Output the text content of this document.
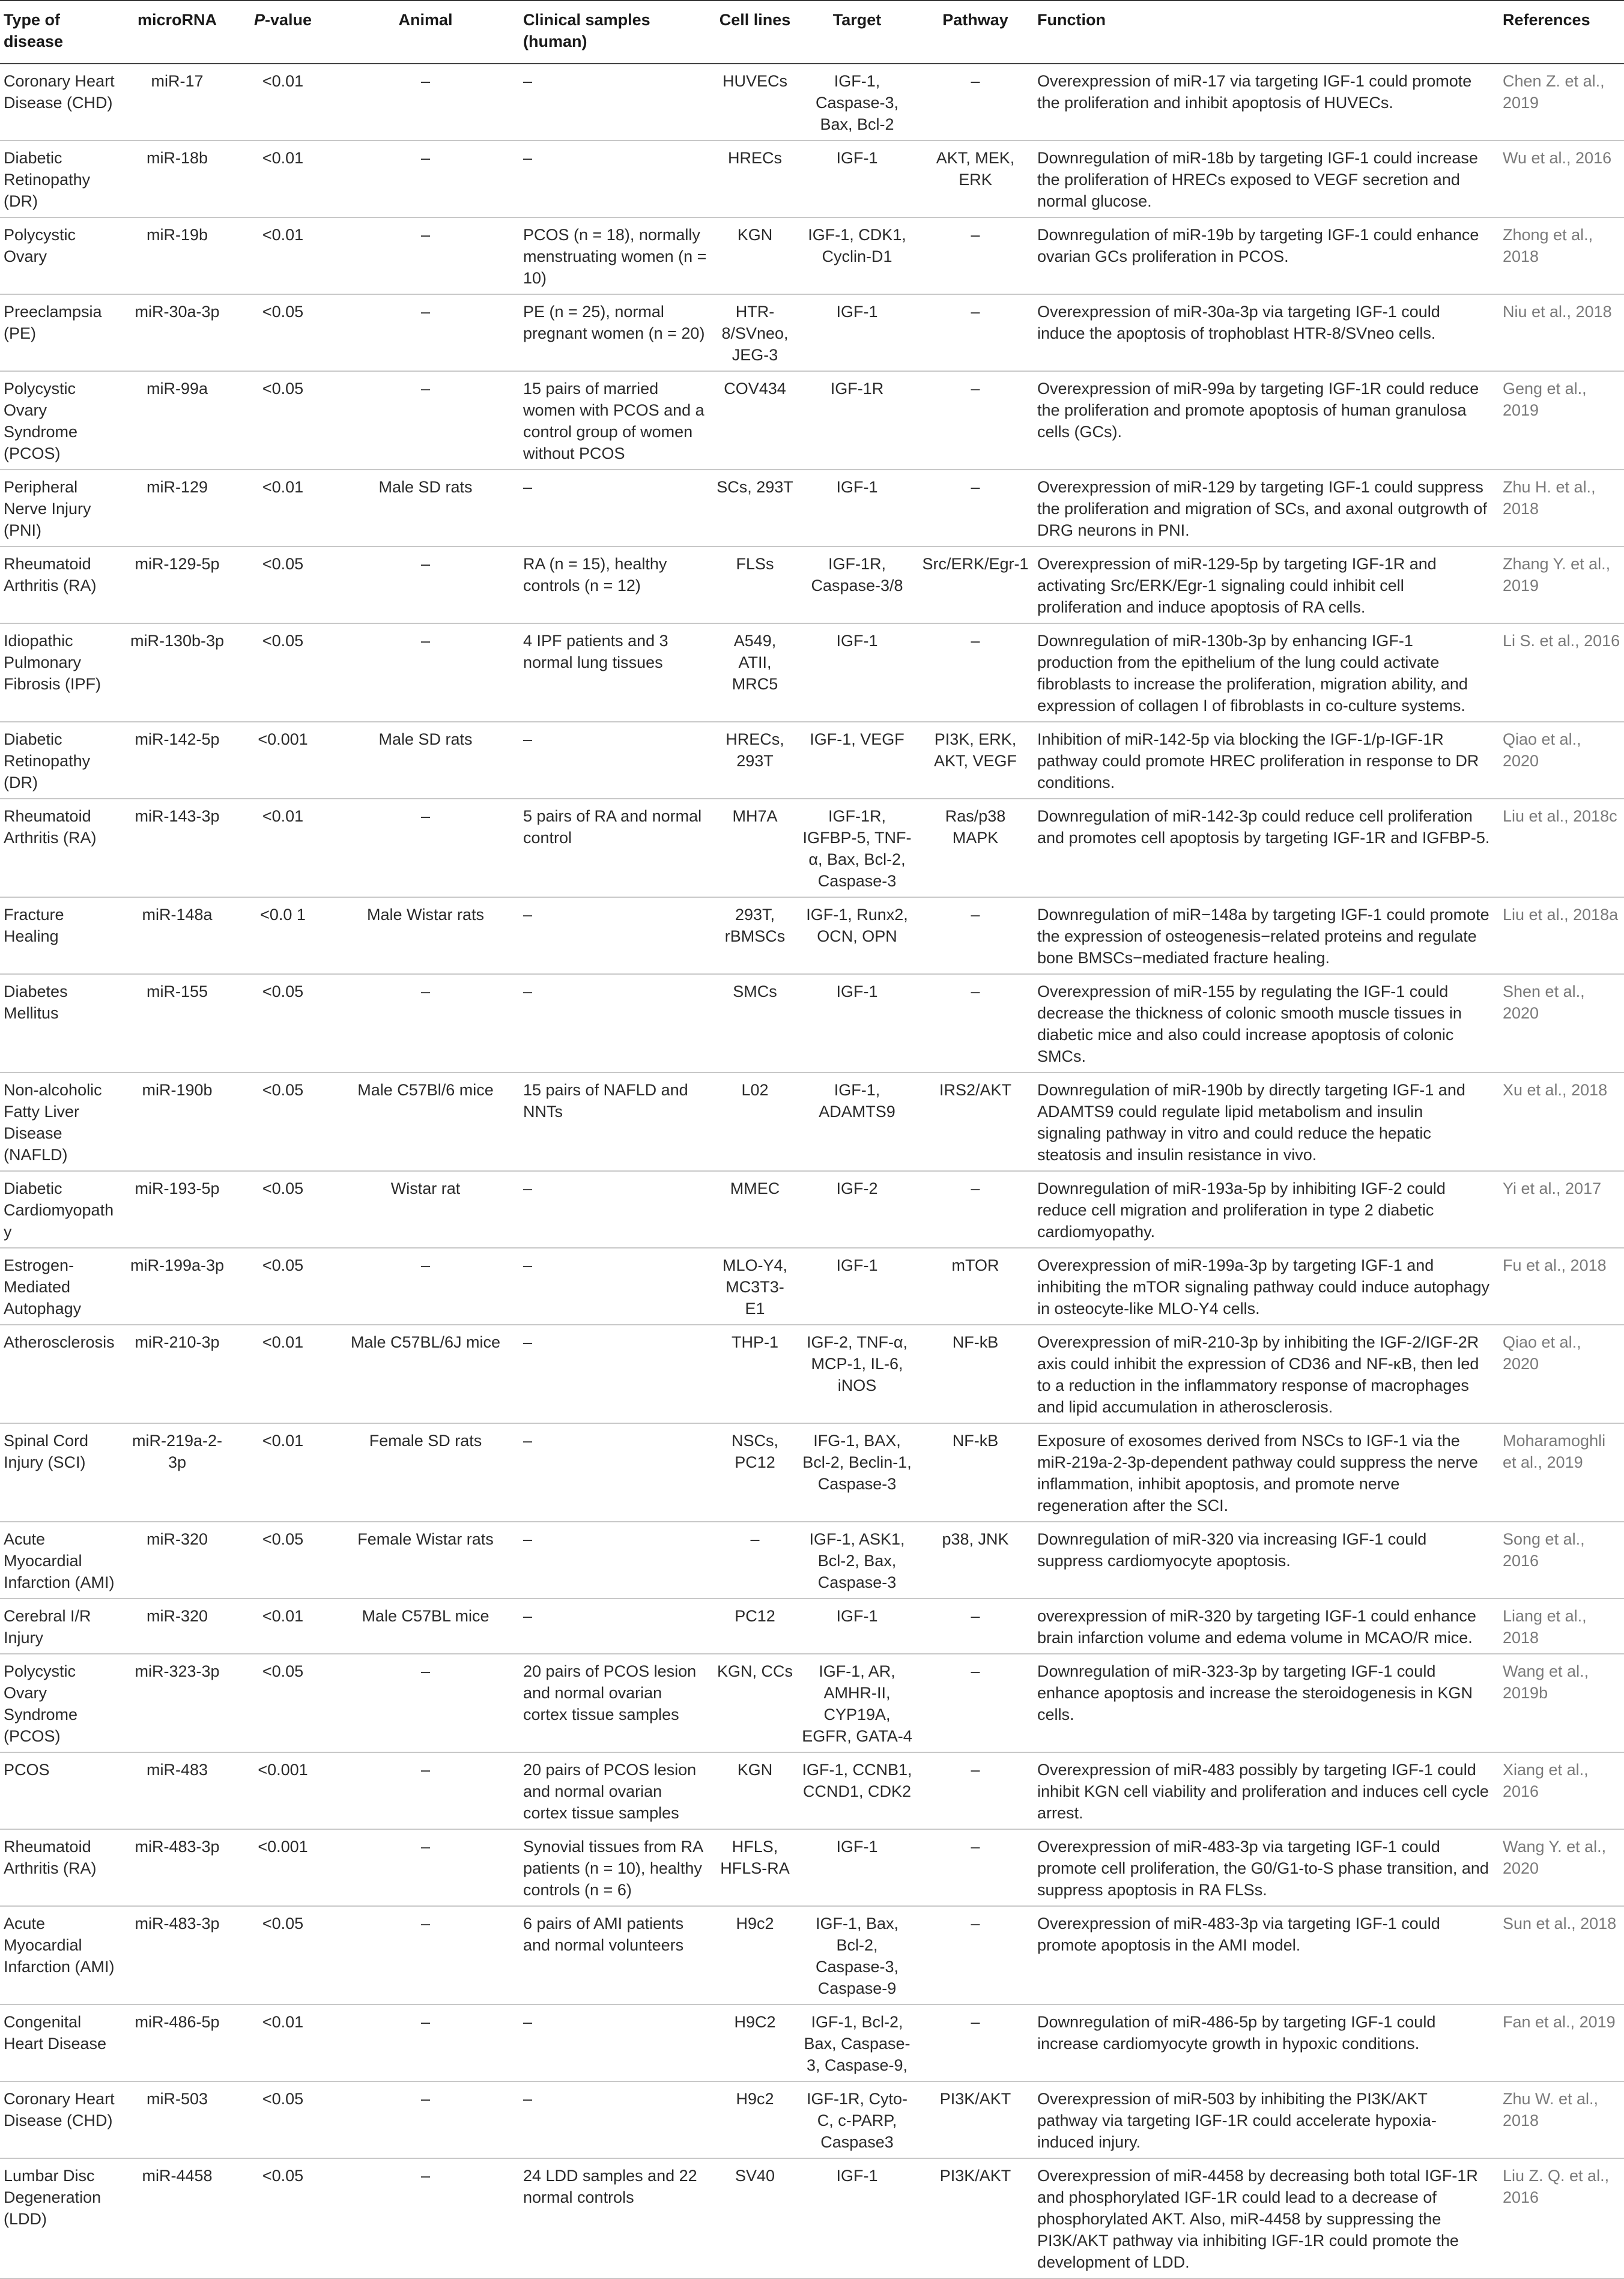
Type of disease	microRNA	P-value	Animal	Clinical samples (human)	Cell lines	Target	Pathway	Function	References
Coronary Heart Disease (CHD)	miR-17	<0.01	–	–	HUVECs	IGF-1, Caspase-3, Bax, Bcl-2	–	Overexpression of miR-17 via targeting IGF-1 could promote the proliferation and inhibit apoptosis of HUVECs.	Chen Z. et al., 2019
Diabetic Retinopathy (DR)	miR-18b	<0.01	–	–	HRECs	IGF-1	AKT, MEK, ERK	Downregulation of miR-18b by targeting IGF-1 could increase the proliferation of HRECs exposed to VEGF secretion and normal glucose.	Wu et al., 2016
Polycystic Ovary	miR-19b	<0.01	–	PCOS (n = 18), normally menstruating women (n = 10)	KGN	IGF-1, CDK1, Cyclin-D1	–	Downregulation of miR-19b by targeting IGF-1 could enhance ovarian GCs proliferation in PCOS.	Zhong et al., 2018
Preeclampsia (PE)	miR-30a-3p	<0.05	–	PE (n = 25), normal pregnant women (n = 20)	HTR-8/SVneo, JEG-3	IGF-1	–	Overexpression of miR-30a-3p via targeting IGF-1 could induce the apoptosis of trophoblast HTR-8/SVneo cells.	Niu et al., 2018
Polycystic Ovary Syndrome (PCOS)	miR-99a	<0.05	–	15 pairs of married women with PCOS and a control group of women without PCOS	COV434	IGF-1R	–	Overexpression of miR-99a by targeting IGF-1R could reduce the proliferation and promote apoptosis of human granulosa cells (GCs).	Geng et al., 2019
Peripheral Nerve Injury (PNI)	miR-129	<0.01	Male SD rats	–	SCs, 293T	IGF-1	–	Overexpression of miR-129 by targeting IGF-1 could suppress the proliferation and migration of SCs, and axonal outgrowth of DRG neurons in PNI.	Zhu H. et al., 2018
Rheumatoid Arthritis (RA)	miR-129-5p	<0.05	–	RA (n = 15), healthy controls (n = 12)	FLSs	IGF-1R, Caspase-3/8	Src/ERK/Egr-1	Overexpression of miR-129-5p by targeting IGF-1R and activating Src/ERK/Egr-1 signaling could inhibit cell proliferation and induce apoptosis of RA cells.	Zhang Y. et al., 2019
Idiopathic Pulmonary Fibrosis (IPF)	miR-130b-3p	<0.05	–	4 IPF patients and 3 normal lung tissues	A549, ATII, MRC5	IGF-1	–	Downregulation of miR-130b-3p by enhancing IGF-1 production from the epithelium of the lung could activate fibroblasts to increase the proliferation, migration ability, and expression of collagen I of fibroblasts in co-culture systems.	Li S. et al., 2016
Diabetic Retinopathy (DR)	miR-142-5p	<0.001	Male SD rats	–	HRECs, 293T	IGF-1, VEGF	PI3K, ERK, AKT, VEGF	Inhibition of miR-142-5p via blocking the IGF-1/p-IGF-1R pathway could promote HREC proliferation in response to DR conditions.	Qiao et al., 2020
Rheumatoid Arthritis (RA)	miR-143-3p	<0.01	–	5 pairs of RA and normal control	MH7A	IGF-1R, IGFBP-5, TNF-α, Bax, Bcl-2, Caspase-3	Ras/p38 MAPK	Downregulation of miR-142-3p could reduce cell proliferation and promotes cell apoptosis by targeting IGF-1R and IGFBP-5.	Liu et al., 2018c
Fracture Healing	miR-148a	<0.0 1	Male Wistar rats	–	293T, rBMSCs	IGF-1, Runx2, OCN, OPN	–	Downregulation of miR−148a by targeting IGF-1 could promote the expression of osteogenesis−related proteins and regulate bone BMSCs−mediated fracture healing.	Liu et al., 2018a
Diabetes Mellitus	miR-155	<0.05	–	–	SMCs	IGF-1	–	Overexpression of miR-155 by regulating the IGF-1 could decrease the thickness of colonic smooth muscle tissues in diabetic mice and also could increase apoptosis of colonic SMCs.	Shen et al., 2020
Non-alcoholic Fatty Liver Disease (NAFLD)	miR-190b	<0.05	Male C57Bl/6 mice	15 pairs of NAFLD and NNTs	L02	IGF-1, ADAMTS9	IRS2/AKT	Downregulation of miR-190b by directly targeting IGF-1 and ADAMTS9 could regulate lipid metabolism and insulin signaling pathway in vitro and could reduce the hepatic steatosis and insulin resistance in vivo.	Xu et al., 2018
Diabetic Cardiomyopathy	miR-193-5p	<0.05	Wistar rat	–	MMEC	IGF-2	–	Downregulation of miR-193a-5p by inhibiting IGF-2 could reduce cell migration and proliferation in type 2 diabetic cardiomyopathy.	Yi et al., 2017
Estrogen-Mediated Autophagy	miR-199a-3p	<0.05	–	–	MLO-Y4, MC3T3-E1	IGF-1	mTOR	Overexpression of miR-199a-3p by targeting IGF-1 and inhibiting the mTOR signaling pathway could induce autophagy in osteocyte-like MLO-Y4 cells.	Fu et al., 2018
Atherosclerosis	miR-210-3p	<0.01	Male C57BL/6J mice	–	THP-1	IGF-2, TNF-α, MCP-1, IL-6, iNOS	NF-kB	Overexpression of miR-210-3p by inhibiting the IGF-2/IGF-2R axis could inhibit the expression of CD36 and NF-κB, then led to a reduction in the inflammatory response of macrophages and lipid accumulation in atherosclerosis.	Qiao et al., 2020
Spinal Cord Injury (SCI)	miR-219a-2-3p	<0.01	Female SD rats	–	NSCs, PC12	IFG-1, BAX, Bcl-2, Beclin-1, Caspase-3	NF-kB	Exposure of exosomes derived from NSCs to IGF-1 via the miR-219a-2-3p-dependent pathway could suppress the nerve inflammation, inhibit apoptosis, and promote nerve regeneration after the SCI.	Moharamoghli et al., 2019
Acute Myocardial Infarction (AMI)	miR-320	<0.05	Female Wistar rats	–	–	IGF-1, ASK1, Bcl-2, Bax, Caspase-3	p38, JNK	Downregulation of miR-320 via increasing IGF-1 could suppress cardiomyocyte apoptosis.	Song et al., 2016
Cerebral I/R Injury	miR-320	<0.01	Male C57BL mice	–	PC12	IGF-1	–	overexpression of miR-320 by targeting IGF-1 could enhance brain infarction volume and edema volume in MCAO/R mice.	Liang et al., 2018
Polycystic Ovary Syndrome (PCOS)	miR-323-3p	<0.05	–	20 pairs of PCOS lesion and normal ovarian cortex tissue samples	KGN, CCs	IGF-1, AR, AMHR-II, CYP19A, EGFR, GATA-4	–	Downregulation of miR-323-3p by targeting IGF-1 could enhance apoptosis and increase the steroidogenesis in KGN cells.	Wang et al., 2019b
PCOS	miR-483	<0.001	–	20 pairs of PCOS lesion and normal ovarian cortex tissue samples	KGN	IGF-1, CCNB1, CCND1, CDK2	–	Overexpression of miR-483 possibly by targeting IGF-1 could inhibit KGN cell viability and proliferation and induces cell cycle arrest.	Xiang et al., 2016
Rheumatoid Arthritis (RA)	miR-483-3p	<0.001	–	Synovial tissues from RA patients (n = 10), healthy controls (n = 6)	HFLS, HFLS-RA	IGF-1	–	Overexpression of miR-483-3p via targeting IGF-1 could promote cell proliferation, the G0/G1-to-S phase transition, and suppress apoptosis in RA FLSs.	Wang Y. et al., 2020
Acute Myocardial Infarction (AMI)	miR-483-3p	<0.05	–	6 pairs of AMI patients and normal volunteers	H9c2	IGF-1, Bax, Bcl-2, Caspase-3, Caspase-9	–	Overexpression of miR-483-3p via targeting IGF-1 could promote apoptosis in the AMI model.	Sun et al., 2018
Congenital Heart Disease	miR-486-5p	<0.01	–	–	H9C2	IGF-1, Bcl-2, Bax, Caspase-3, Caspase-9,	–	Downregulation of miR-486-5p by targeting IGF-1 could increase cardiomyocyte growth in hypoxic conditions.	Fan et al., 2019
Coronary Heart Disease (CHD)	miR-503	<0.05	–	–	H9c2	IGF-1R, Cyto-C, c-PARP, Caspase3	PI3K/AKT	Overexpression of miR-503 by inhibiting the PI3K/AKT pathway via targeting IGF-1R could accelerate hypoxia-induced injury.	Zhu W. et al., 2018
Lumbar Disc Degeneration (LDD)	miR-4458	<0.05	–	24 LDD samples and 22 normal controls	SV40	IGF-1	PI3K/AKT	Overexpression of miR-4458 by decreasing both total IGF-1R and phosphorylated IGF-1R could lead to a decrease of phosphorylated AKT. Also, miR-4458 by suppressing the PI3K/AKT pathway via inhibiting IGF-1R could promote the development of LDD.	Liu Z. Q. et al., 2016
